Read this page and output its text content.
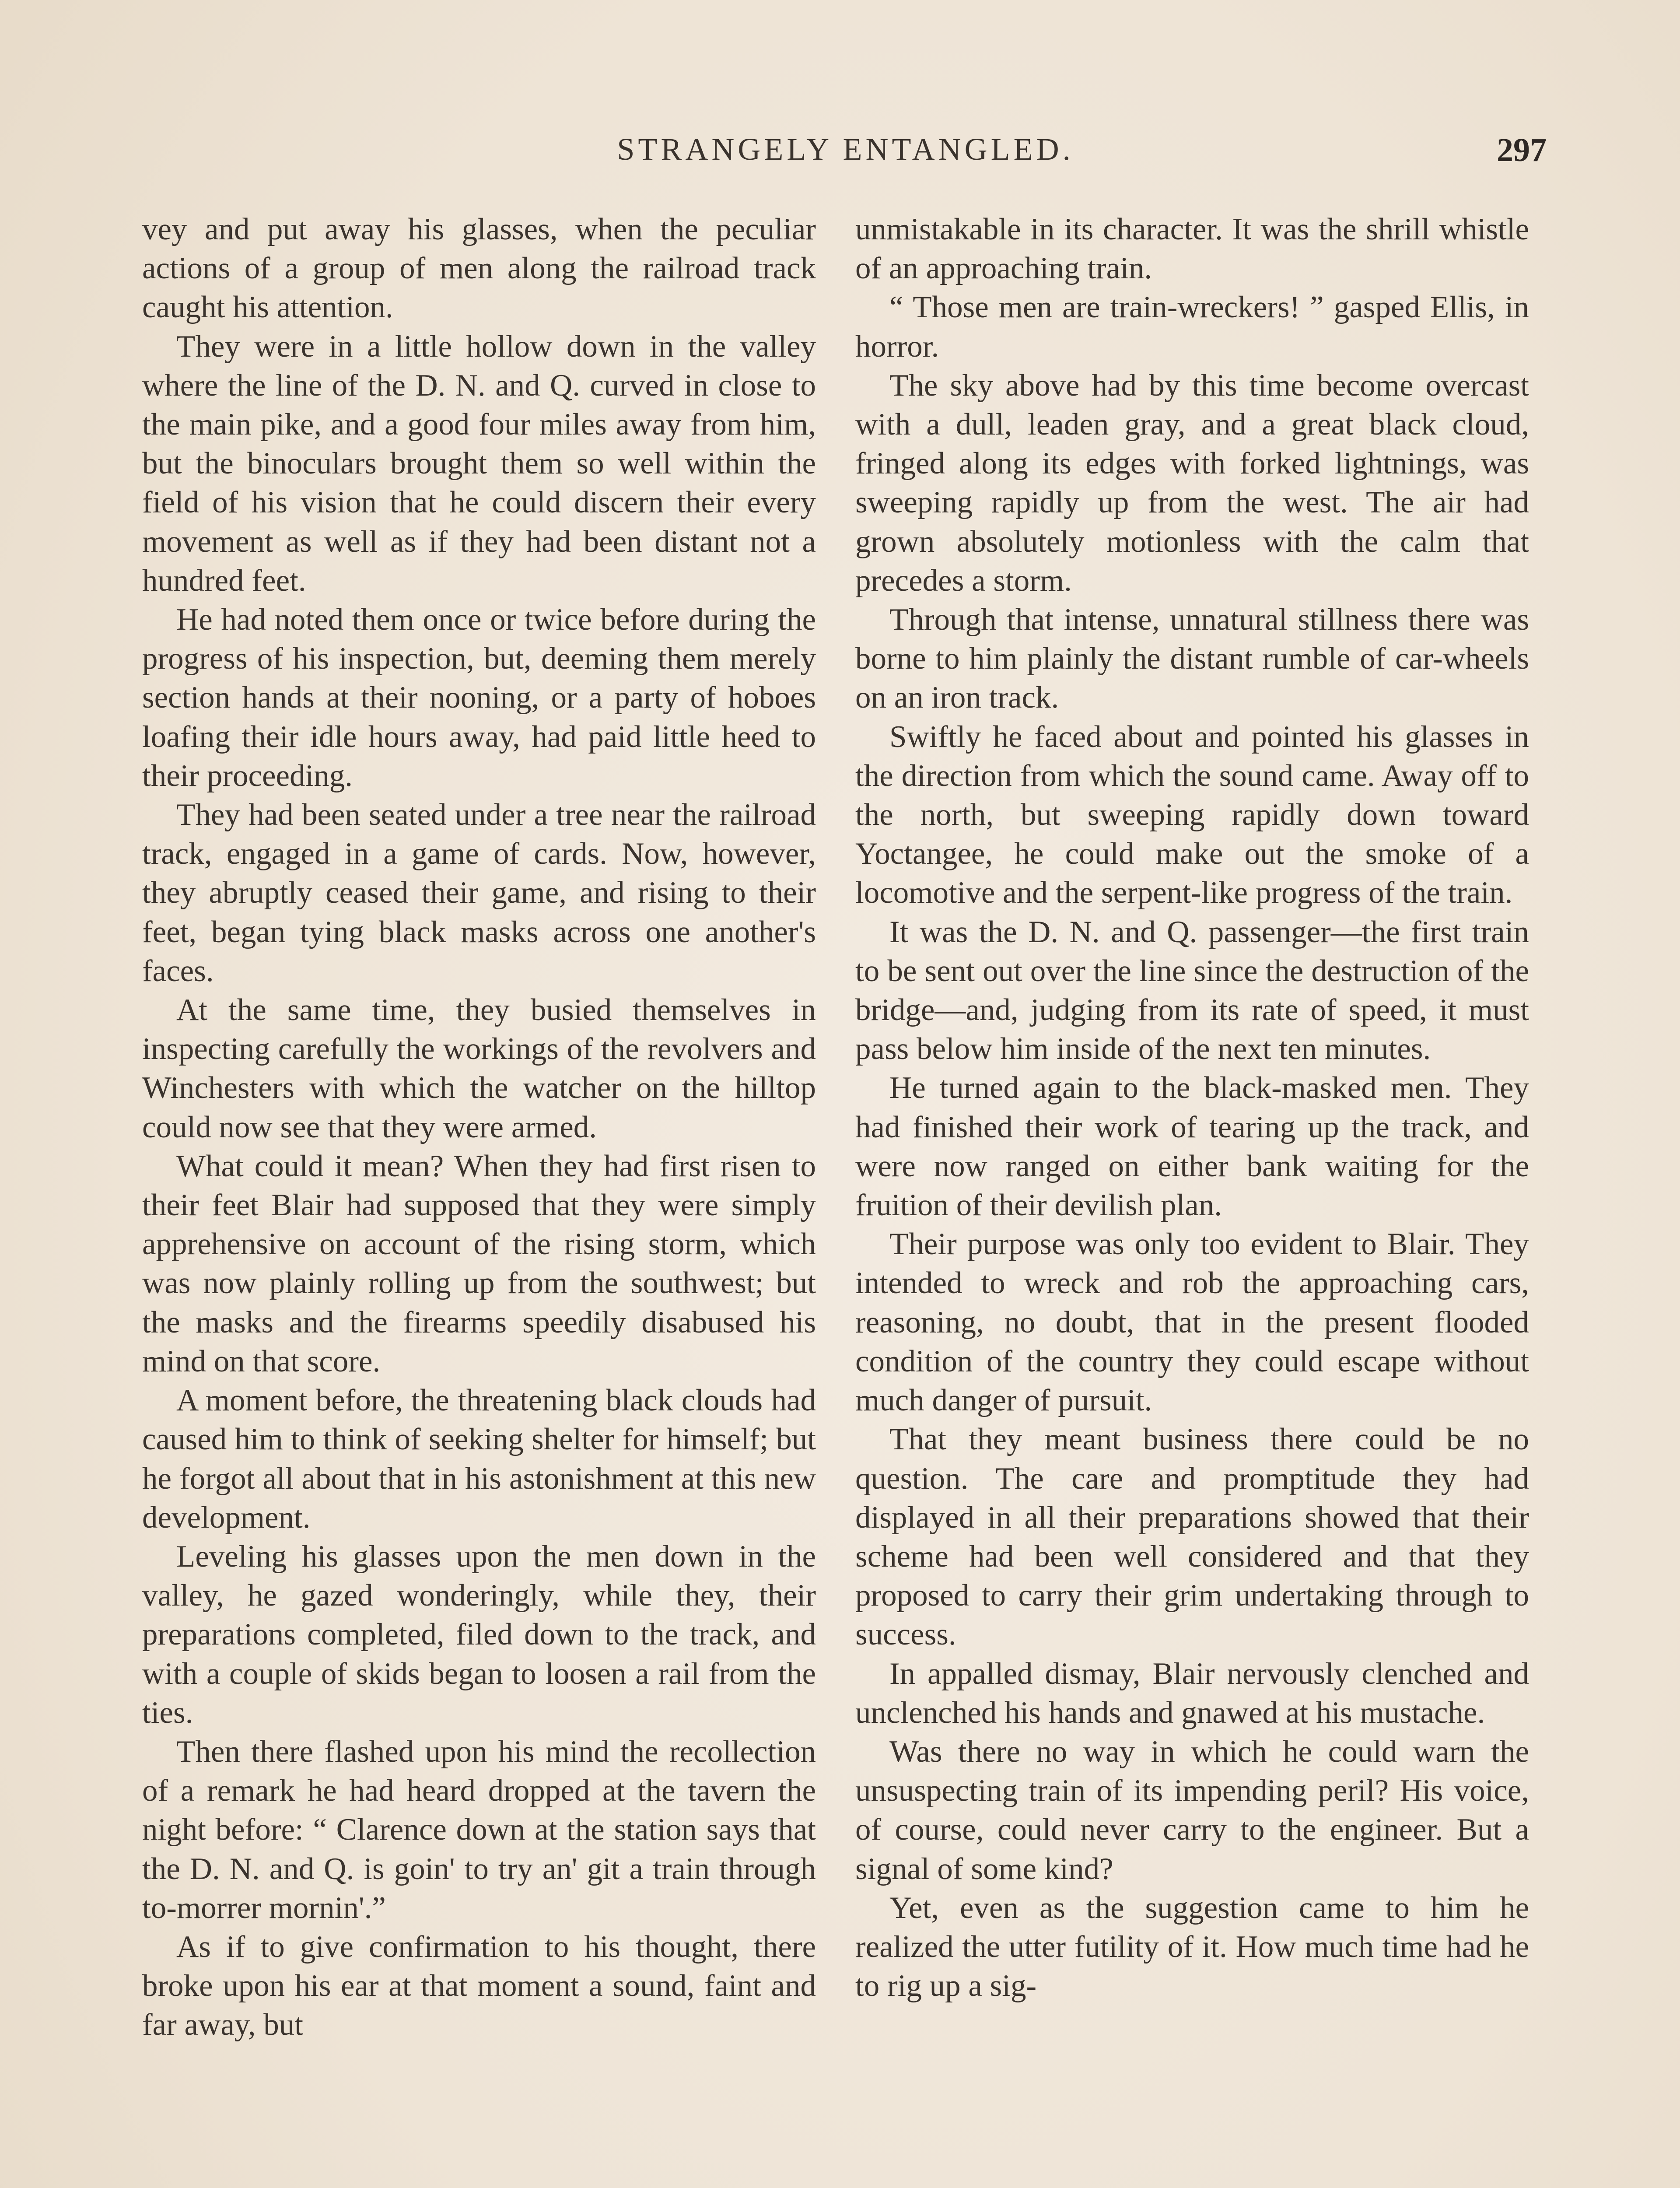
STRANGELY ENTANGLED.	297

vey and put away his glasses, when the peculiar actions of a group of men along the railroad track caught his attention.

They were in a little hollow down in the valley where the line of the D. N. and Q. curved in close to the main pike, and a good four miles away from him, but the binoculars brought them so well within the field of his vision that he could discern their every movement as well as if they had been distant not a hundred feet.

He had noted them once or twice before during the progress of his inspection, but, deeming them merely section hands at their nooning, or a party of hoboes loafing their idle hours away, had paid little heed to their proceeding.

They had been seated under a tree near the railroad track, engaged in a game of cards. Now, however, they abruptly ceased their game, and rising to their feet, began tying black masks across one another's faces.

At the same time, they busied themselves in inspecting carefully the workings of the revolvers and Winchesters with which the watcher on the hilltop could now see that they were armed.

What could it mean? When they had first risen to their feet Blair had supposed that they were simply apprehensive on account of the rising storm, which was now plainly rolling up from the southwest; but the masks and the firearms speedily disabused his mind on that score.

A moment before, the threatening black clouds had caused him to think of seeking shelter for himself; but he forgot all about that in his astonishment at this new development.

Leveling his glasses upon the men down in the valley, he gazed wonderingly, while they, their preparations completed, filed down to the track, and with a couple of skids began to loosen a rail from the ties.

Then there flashed upon his mind the recollection of a remark he had heard dropped at the tavern the night before: “ Clarence down at the station says that the D. N. and Q. is goin' to try an' git a train through to-morrer mornin'.”

As if to give confirmation to his thought, there broke upon his ear at that moment a sound, faint and far away, but

unmistakable in its character. It was the shrill whistle of an approaching train.

“ Those men are train-wreckers! ” gasped Ellis, in horror.

The sky above had by this time become overcast with a dull, leaden gray, and a great black cloud, fringed along its edges with forked lightnings, was sweeping rapidly up from the west. The air had grown absolutely motionless with the calm that precedes a storm.

Through that intense, unnatural stillness there was borne to him plainly the distant rumble of car-wheels on an iron track.

Swiftly he faced about and pointed his glasses in the direction from which the sound came. Away off to the north, but sweeping rapidly down toward Yoctangee, he could make out the smoke of a locomotive and the serpent-like progress of the train.

It was the D. N. and Q. passenger—the first train to be sent out over the line since the destruction of the bridge—and, judging from its rate of speed, it must pass below him inside of the next ten minutes.

He turned again to the black-masked men. They had finished their work of tearing up the track, and were now ranged on either bank waiting for the fruition of their devilish plan.

Their purpose was only too evident to Blair. They intended to wreck and rob the approaching cars, reasoning, no doubt, that in the present flooded condition of the country they could escape without much danger of pursuit.

That they meant business there could be no question. The care and promptitude they had displayed in all their preparations showed that their scheme had been well considered and that they proposed to carry their grim undertaking through to success.

In appalled dismay, Blair nervously clenched and unclenched his hands and gnawed at his mustache.

Was there no way in which he could warn the unsuspecting train of its impending peril? His voice, of course, could never carry to the engineer. But a signal of some kind?

Yet, even as the suggestion came to him he realized the utter futility of it. How much time had he to rig up a sig-
